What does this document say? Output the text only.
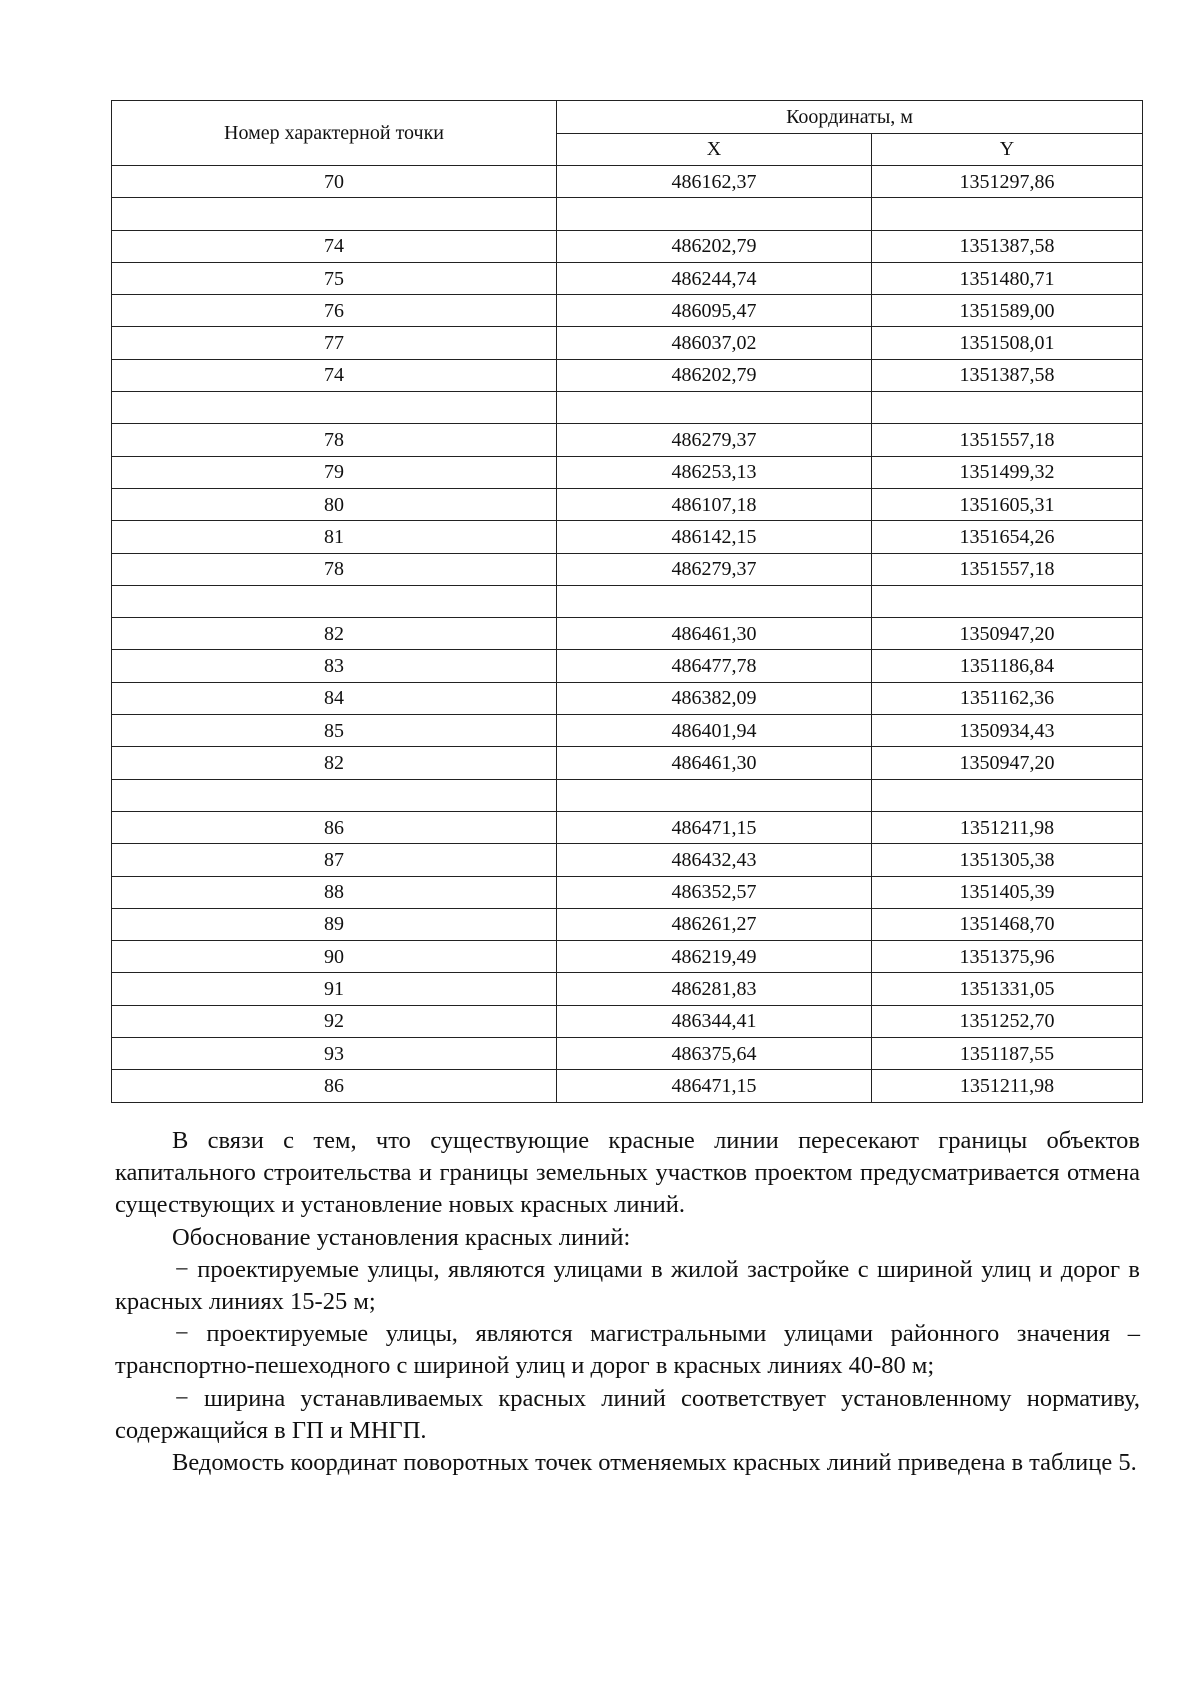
Номер характерной точки	Координаты, м	
	X	Y
70	486162,37	1351297,86

74	486202,79	1351387,58
75	486244,74	1351480,71
76	486095,47	1351589,00
77	486037,02	1351508,01
74	486202,79	1351387,58

78	486279,37	1351557,18
79	486253,13	1351499,32
80	486107,18	1351605,31
81	486142,15	1351654,26
78	486279,37	1351557,18

82	486461,30	1350947,20
83	486477,78	1351186,84
84	486382,09	1351162,36
85	486401,94	1350934,43
82	486461,30	1350947,20

86	486471,15	1351211,98
87	486432,43	1351305,38
88	486352,57	1351405,39
89	486261,27	1351468,70
90	486219,49	1351375,96
91	486281,83	1351331,05
92	486344,41	1351252,70
93	486375,64	1351187,55
86	486471,15	1351211,98

В связи с тем, что существующие красные линии пересекают границы объектов капитального строительства и границы земельных участков проектом предусматривается отмена существующих и установление новых красных линий.

Обоснование установления красных линий:

− проектируемые улицы, являются улицами в жилой застройке с шириной улиц и дорог в красных линиях 15-25 м;

− проектируемые улицы, являются магистральными улицами районного значения – транспортно-пешеходного с шириной улиц и дорог в красных линиях 40-80 м;

− ширина устанавливаемых красных линий соответствует установленному нормативу, содержащийся в ГП и МНГП.

Ведомость координат поворотных точек отменяемых красных линий приведена в таблице 5.
